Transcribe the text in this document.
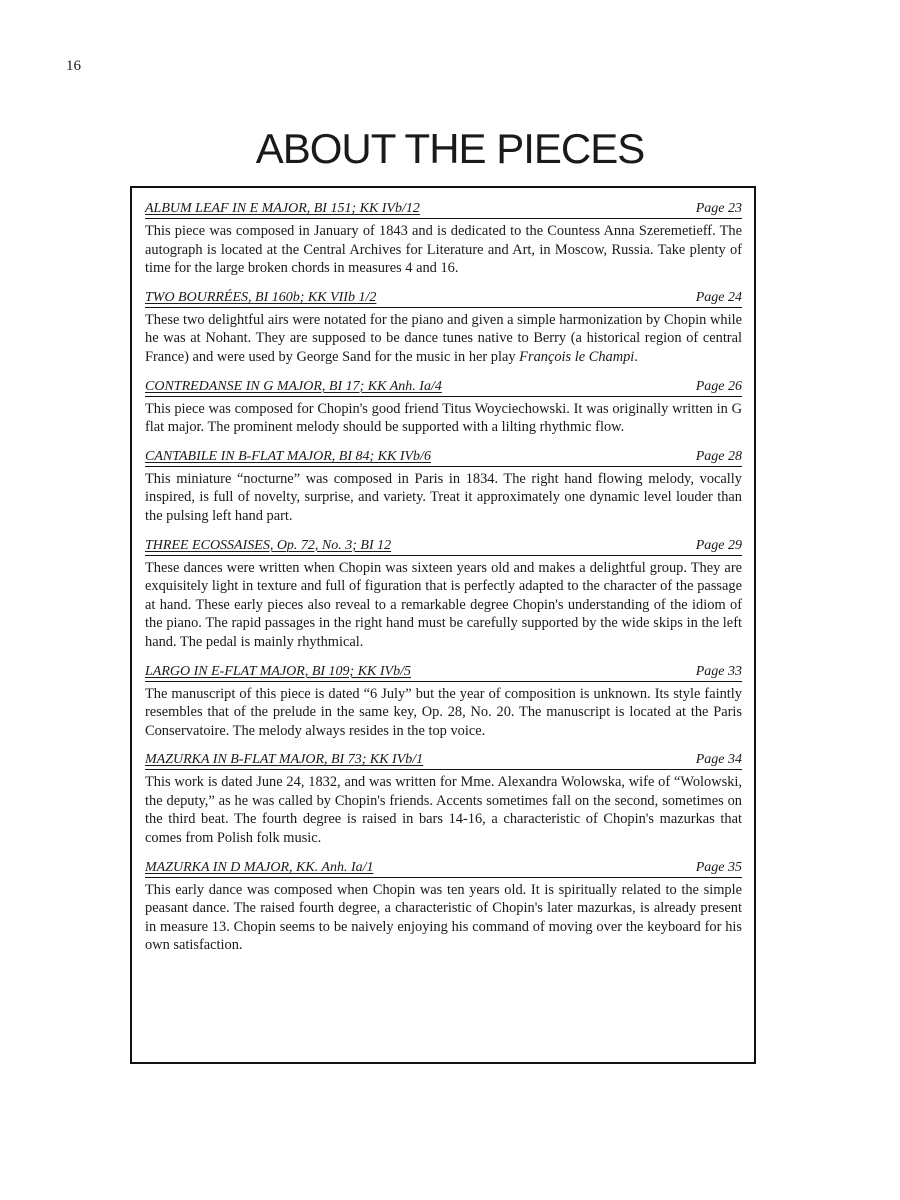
16
ABOUT THE PIECES
ALBUM LEAF IN E MAJOR, BI 151; KK IVb/12	Page 23

This piece was composed in January of 1843 and is dedicated to the Countess Anna Szeremetieff. The autograph is located at the Central Archives for Literature and Art, in Moscow, Russia. Take plenty of time for the large broken chords in measures 4 and 16.

TWO BOURRÉES, BI 160b; KK VIIb 1/2	Page 24

These two delightful airs were notated for the piano and given a simple harmonization by Chopin while he was at Nohant. They are supposed to be dance tunes native to Berry (a historical region of central France) and were used by George Sand for the music in her play François le Champi.

CONTREDANSE IN G MAJOR, BI 17; KK Anh. Ia/4	Page 26

This piece was composed for Chopin's good friend Titus Woyciechowski. It was originally written in G flat major. The prominent melody should be supported with a lilting rhythmic flow.

CANTABILE IN B-FLAT MAJOR, BI 84; KK IVb/6	Page 28

This miniature “nocturne” was composed in Paris in 1834. The right hand flowing melody, vocally inspired, is full of novelty, surprise, and variety. Treat it approximately one dynamic level louder than the pulsing left hand part.

THREE ECOSSAISES, Op. 72, No. 3; BI 12	Page 29

These dances were written when Chopin was sixteen years old and makes a delightful group. They are exquisitely light in texture and full of figuration that is perfectly adapted to the character of the passage at hand. These early pieces also reveal to a remarkable degree Chopin's understanding of the idiom of the piano. The rapid passages in the right hand must be carefully supported by the wide skips in the left hand. The pedal is mainly rhythmical.

LARGO IN E-FLAT MAJOR, BI 109; KK IVb/5	Page 33

The manuscript of this piece is dated “6 July” but the year of composition is unknown. Its style faintly resembles that of the prelude in the same key, Op. 28, No. 20. The manuscript is located at the Paris Conservatoire. The melody always resides in the top voice.

MAZURKA IN B-FLAT MAJOR, BI 73; KK IVb/1	Page 34

This work is dated June 24, 1832, and was written for Mme. Alexandra Wolowska, wife of “Wolowski, the deputy,” as he was called by Chopin's friends. Accents sometimes fall on the second, sometimes on the third beat. The fourth degree is raised in bars 14-16, a characteristic of Chopin's mazurkas that comes from Polish folk music.

MAZURKA IN D MAJOR, KK. Anh. Ia/1	Page 35

This early dance was composed when Chopin was ten years old. It is spiritually related to the simple peasant dance. The raised fourth degree, a characteristic of Chopin's later mazurkas, is already present in measure 13. Chopin seems to be naively enjoying his command of moving over the keyboard for his own satisfaction.
